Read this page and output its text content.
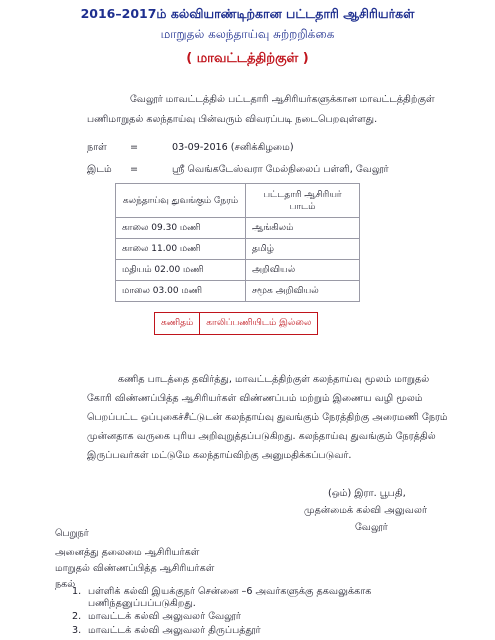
2016–2017ம் கல்வியாண்டிற்கான பட்டதாரி ஆசிரியர்கள்
மாறுதல் கலந்தாய்வு சுற்றறிக்கை
( மாவட்டத்திற்குள் )
வேலூர் மாவட்டத்தில் பட்டதாரி ஆசிரியர்களுக்கான மாவட்டத்திற்குள்
பணிமாறுதல் கலந்தாய்வு பின்வரும் விவரப்படி நடைபெறவுள்ளது.
நாள் =	03-09-2016 (சனிக்கிழமை)
இடம் =	ஸ்ரீ வெங்கடேஸ்வரா மேல்நிலைப் பள்ளி, வேலூர்
கலந்தாய்வு துவங்கும் நேரம்	பட்டதாரி ஆசிரியர் பாடம்
காலை 09.30 மணி	ஆங்கிலம்
காலை 11.00 மணி	தமிழ்
மதியம் 02.00 மணி	அறிவியல்
மாலை 03.00 மணி	சமூக அறிவியல்
கணிதம்	காலிப்பணியிடம் இல்லை
கணித பாடத்தை தவிர்த்து, மாவட்டத்திற்குள் கலந்தாய்வு மூலம் மாறுதல்
கோரி விண்ணப்பித்த ஆசிரியர்கள் விண்ணப்பம் மற்றும் இணைய வழி மூலம்
பெறப்பட்ட ஒப்புகைச்சீட்டுடன் கலந்தாய்வு துவங்கும் நேரத்திற்கு அரைமணி நேரம்
முன்னதாக வருகை புரிய அறிவுறுத்தப்படுகிறது. கலந்தாய்வு துவங்கும் நேரத்தில்
இருப்பவர்கள் மட்டுமே கலந்தாய்விற்கு அனுமதிக்கப்படுவர்.
(ஒம்) இரா. பூபதி,
முதன்மைக் கல்வி அலுவலர்
வேலூர்
பெறுநர்
அனைத்து தலைமை ஆசிரியர்கள்
மாறுதல் விண்ணப்பித்த ஆசிரியர்கள்
நகல்
1. பள்ளிக் கல்வி இயக்குநர் சென்னை –6 அவர்களுக்கு தகவலுக்காக
பணிந்தனுப்பப்படுகிறது.
2. மாவட்டக் கல்வி அலுவலர் வேலூர்
3. மாவட்டக் கல்வி அலுவலர் திருப்பத்தூர்
